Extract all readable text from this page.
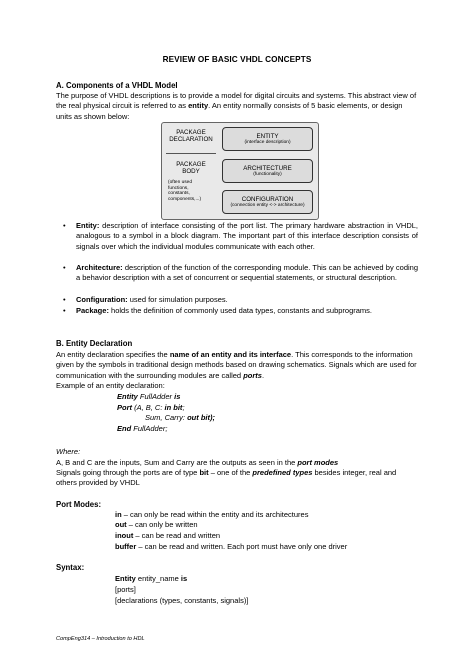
REVIEW OF BASIC VHDL CONCEPTS
A. Components of a VHDL Model
The purpose of VHDL descriptions is to provide a model for digital circuits and systems. This abstract view of the real physical circuit is referred to as entity. An entity normally consists of 5 basic elements, or design units as shown below:
PACKAGE
DECLARATION
PACKAGE
BODY
(often used
functions,
constants,
components,...)
ENTITY
(interface description)
ARCHITECTURE
(functionality)
CONFIGURATION
(connection entity <-> architecture)
• Entity: description of interface consisting of the port list. The primary hardware abstraction in VHDL, analogous to a symbol in a block diagram. The important part of this interface description consists of signals over which the individual modules communicate with each other.
• Architecture: description of the function of the corresponding module. This can be achieved by coding a behavior description with a set of concurrent or sequential statements, or structural description.
• Configuration: used for simulation purposes.
• Package: holds the definition of commonly used data types, constants and subprograms.
B. Entity Declaration
An entity declaration specifies the name of an entity and its interface. This corresponds to the information given by the symbols in traditional design methods based on drawing schematics. Signals which are used for communication with the surrounding modules are called ports.
Example of an entity declaration:
Entity FullAdder is
Port (A, B, C: in bit;
Sum, Carry: out bit);
End FullAdder;
Where:
A, B and C are the inputs, Sum and Carry are the outputs as seen in the port modes
Signals going through the ports are of type bit – one of the predefined types besides integer, real and others provided by VHDL
Port Modes:
in – can only be read within the entity and its architectures
out – can only be written
inout – can be read and written
buffer – can be read and written. Each port must have only one driver
Syntax:
Entity entity_name is
[ports]
[declarations (types, constants, signals)]
CompEng314 – Introduction to HDL
